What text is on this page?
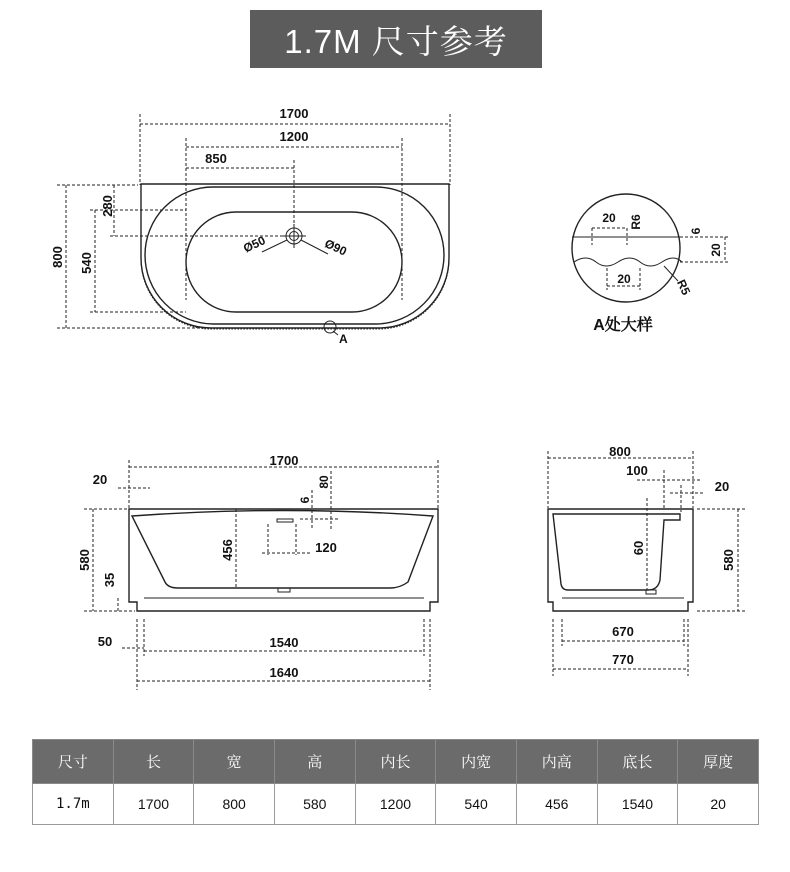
1.7M 尺寸参考
1700
1200
850
800 540
280
Ø50	Ø90
A
20 R6
6
20
20	R5
A处大样
1700
20
580
35
456
6
80
120
50	1540
1640
800
100
20
60
580
670
770
尺寸	长	宽	高	内长	内宽	内高	底长	厚度
1.7m	1700	800	580	1200	540	456	1540	20
